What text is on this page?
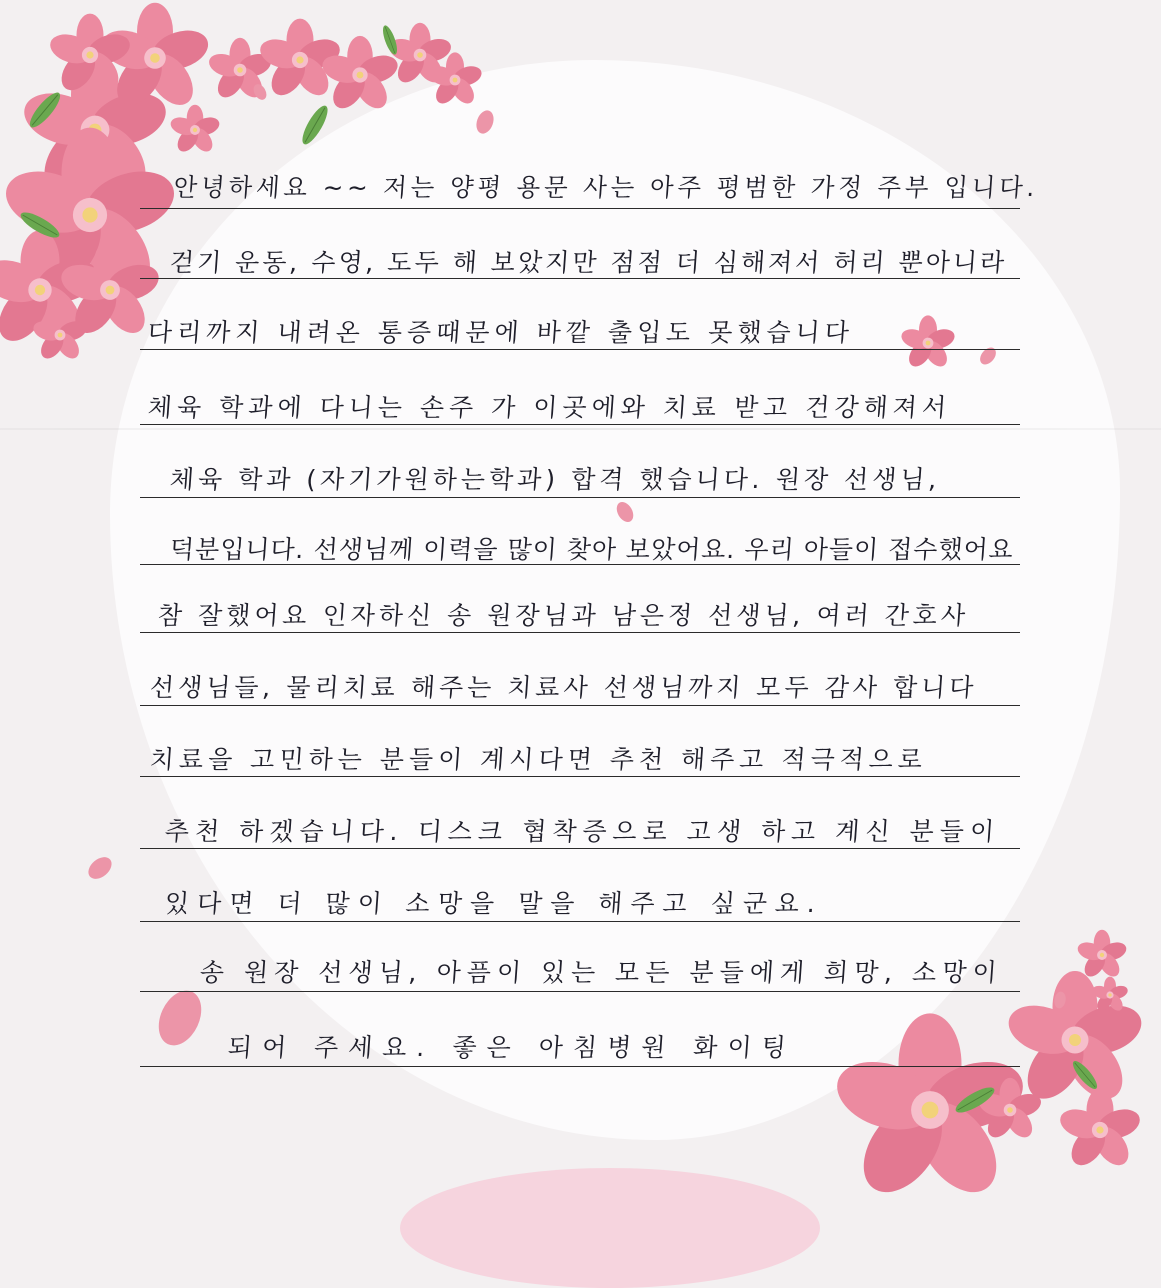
안녕하세요 ~~ 저는 양평 용문 사는 아주 평범한 가정 주부 입니다.
걷기 운동, 수영, 도두 해 보았지만 점점 더 심해져서 허리 뿐아니라
다리까지 내려온 통증때문에 바깥 출입도 못했습니다
체육 학과에 다니는 손주 가 이곳에와 치료 받고 건강해져서
체육 학과 (자기가원하는학과) 합격 했습니다. 원장 선생님,
덕분입니다. 선생님께 이력을 많이 찾아 보았어요. 우리 아들이 접수했어요
참 잘했어요 인자하신 송 원장님과 남은정 선생님, 여러 간호사
선생님들, 물리치료 해주는 치료사 선생님까지 모두 감사 합니다
치료을 고민하는 분들이 계시다면 추천 해주고 적극적으로
추천 하겠습니다. 디스크 협착증으로 고생 하고 계신 분들이
있다면 더 많이 소망을 말을 해주고 싶군요.
송 원장 선생님, 아픔이 있는 모든 분들에게 희망, 소망이
되어 주세요. 좋은 아침병원 화이팅
